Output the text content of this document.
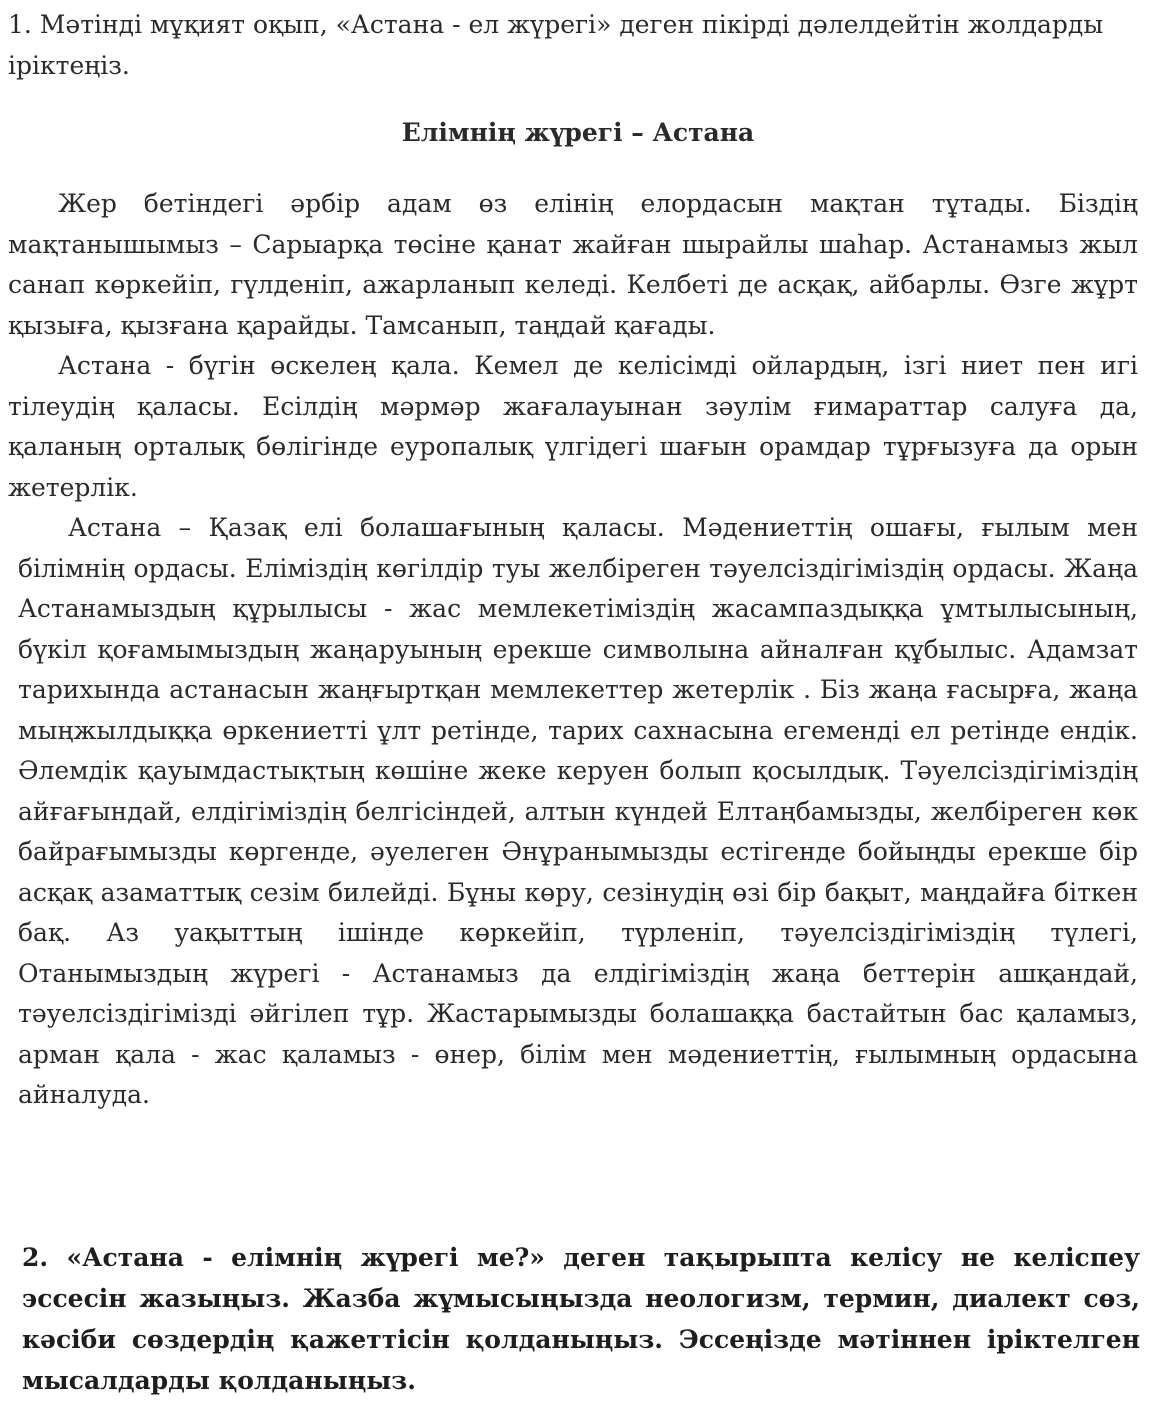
1. Мәтінді мұқият оқып, «Астана - ел жүрегі» деген пікірді дәлелдейтін жолдарды іріктеңіз.
Елімнің жүрегі – Астана

Жер бетіндегі әрбір адам өз елінің елордасын мақтан тұтады. Біздің мақтанышымыз – Сарыарқа төсіне қанат жайған шырайлы шаһар. Астанамыз жыл санап көркейіп, гүлденіп, ажарланып келеді. Келбеті де асқақ, айбарлы. Өзге жұрт қызыға, қызғана қарайды. Тамсанып, таңдай қағады.

Астана - бүгін өскелең қала. Кемел де келісімді ойлардың, ізгі ниет пен игі тілеудің қаласы. Есілдің мәрмәр жағалауынан зәулім ғимараттар салуға да, қаланың орталық бөлігінде еуропалық үлгідегі шағын орамдар тұрғызуға да орын жетерлік.

Астана – Қазақ елі болашағының қаласы. Мәдениеттің ошағы, ғылым мен білімнің ордасы. Еліміздің көгілдір туы желбіреген тәуелсіздігіміздің ордасы. Жаңа Астанамыздың құрылысы - жас мемлекетіміздің жасампаздыққа ұмтылысының, бүкіл қоғамымыздың жаңаруының ерекше символына айналған құбылыс. Адамзат тарихында астанасын жаңғыртқан мемлекеттер жетерлік . Біз жаңа ғасырға, жаңа мыңжылдыққа өркениетті ұлт ретінде, тарих сахнасына егеменді ел ретінде ендік. Әлемдік қауымдастықтың көшіне жеке керуен болып қосылдық. Тәуелсіздігіміздің айғағындай, елдігіміздің белгісіндей, алтын күндей Елтаңбамызды, желбіреген көк байрағымызды көргенде, әуелеген Әнұранымызды естігенде бойыңды ерекше бір асқақ азаматтық сезім билейді. Бұны көру, сезінудің өзі бір бақыт, маңдайға біткен бақ. Аз уақыттың ішінде көркейіп, түрленіп, тәуелсіздігіміздің түлегі, Отанымыздың жүрегі - Астанамыз да елдігіміздің жаңа беттерін ашқандай, тәуелсіздігімізді әйгілеп тұр. Жастарымызды болашаққа бастайтын бас қаламыз, арман қала - жас қаламыз - өнер, білім мен мәдениеттің, ғылымның ордасына айналуда.

2. «Астана - елімнің жүрегі ме?» деген тақырыпта келісу не келіспеу эссесін жазыңыз. Жазба жұмысыңызда неологизм, термин, диалект сөз, кәсіби сөздердің қажеттісін қолданыңыз. Эссеңізде мәтіннен іріктелген мысалдарды қолданыңыз.
